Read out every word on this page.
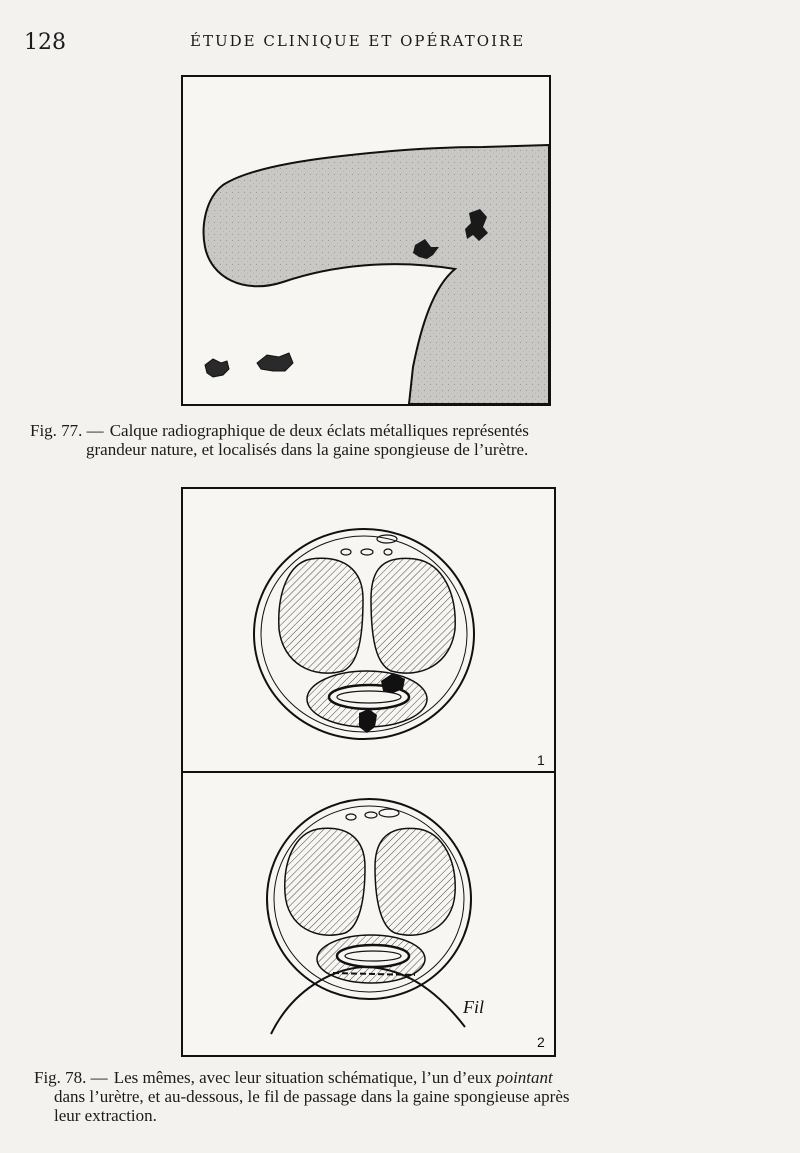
128	ÉTUDE CLINIQUE ET OPÉRATOIRE
Fig. 77. — Calque radiographique de deux éclats métalliques représentés
grandeur nature, et localisés dans la gaine spongieuse de l’urètre.
1
Fil
2
Fig. 78. — Les mêmes, avec leur situation schématique, l’un d’eux pointant
dans l’urètre, et au-dessous, le fil de passage dans la gaine spongieuse après
leur extraction.
